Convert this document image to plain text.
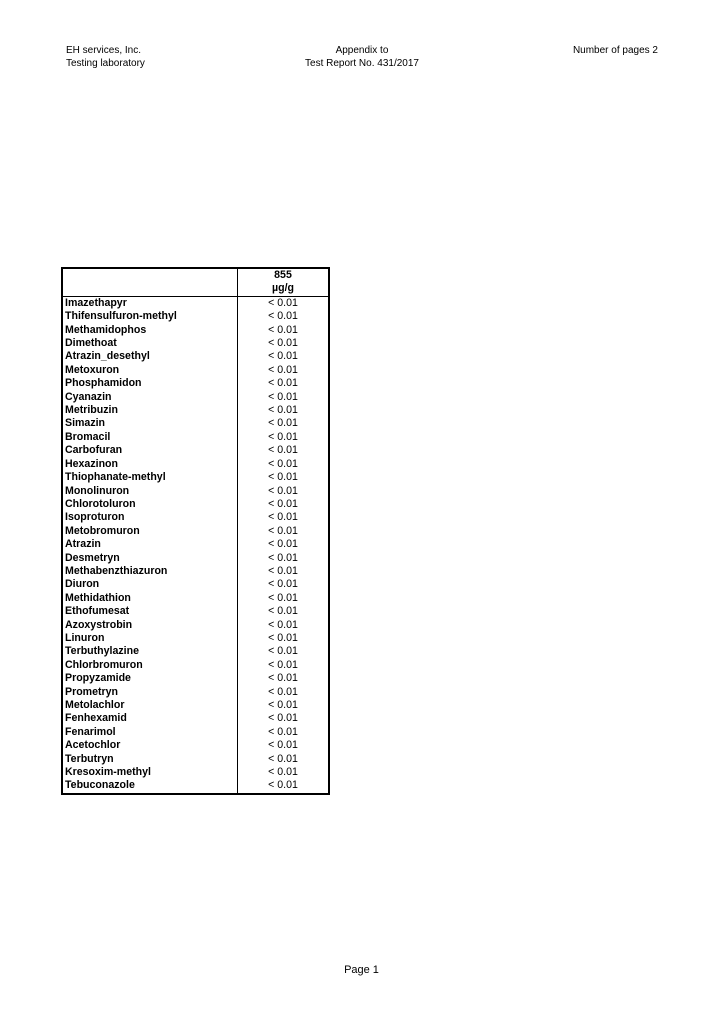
EH services, Inc.
Testing laboratory
Appendix to
Test Report No. 431/2017
Number of pages 2
	855
	µg/g
Imazethapyr	< 0.01
Thifensulfuron-methyl	< 0.01
Methamidophos	< 0.01
Dimethoat	< 0.01
Atrazin_desethyl	< 0.01
Metoxuron	< 0.01
Phosphamidon	< 0.01
Cyanazin	< 0.01
Metribuzin	< 0.01
Simazin	< 0.01
Bromacil	< 0.01
Carbofuran	< 0.01
Hexazinon	< 0.01
Thiophanate-methyl	< 0.01
Monolinuron	< 0.01
Chlorotoluron	< 0.01
Isoproturon	< 0.01
Metobromuron	< 0.01
Atrazin	< 0.01
Desmetryn	< 0.01
Methabenzthiazuron	< 0.01
Diuron	< 0.01
Methidathion	< 0.01
Ethofumesat	< 0.01
Azoxystrobin	< 0.01
Linuron	< 0.01
Terbuthylazine	< 0.01
Chlorbromuron	< 0.01
Propyzamide	< 0.01
Prometryn	< 0.01
Metolachlor	< 0.01
Fenhexamid	< 0.01
Fenarimol	< 0.01
Acetochlor	< 0.01
Terbutryn	< 0.01
Kresoxim-methyl	< 0.01
Tebuconazole	< 0.01
Page 1
